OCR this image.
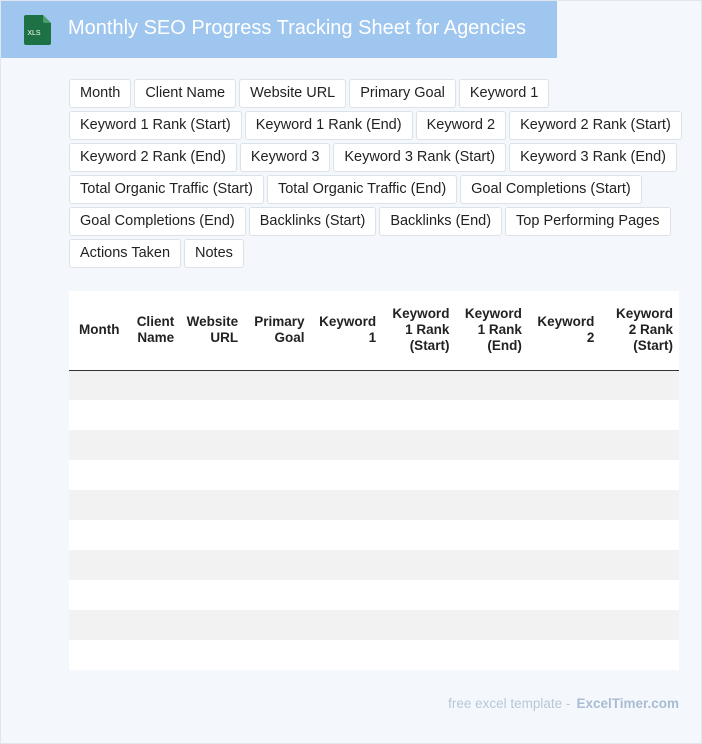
XLS Monthly SEO Progress Tracking Sheet for Agencies
Month	Client Name	Website URL	Primary Goal	Keyword 1
Keyword 1 Rank (Start)	Keyword 1 Rank (End)	Keyword 2	Keyword 2 Rank (Start)
Keyword 2 Rank (End)	Keyword 3	Keyword 3 Rank (Start)	Keyword 3 Rank (End)
Total Organic Traffic (Start)	Total Organic Traffic (End)	Goal Completions (Start)
Goal Completions (End)	Backlinks (Start)	Backlinks (End)	Top Performing Pages
Actions Taken	Notes
Month	Client Name	Website URL	Primary Goal	Keyword 1	Keyword 1 Rank (Start)	Keyword 1 Rank (End)	Keyword 2	Keyword 2 Rank (Start)

free excel template - ExcelTimer.com
